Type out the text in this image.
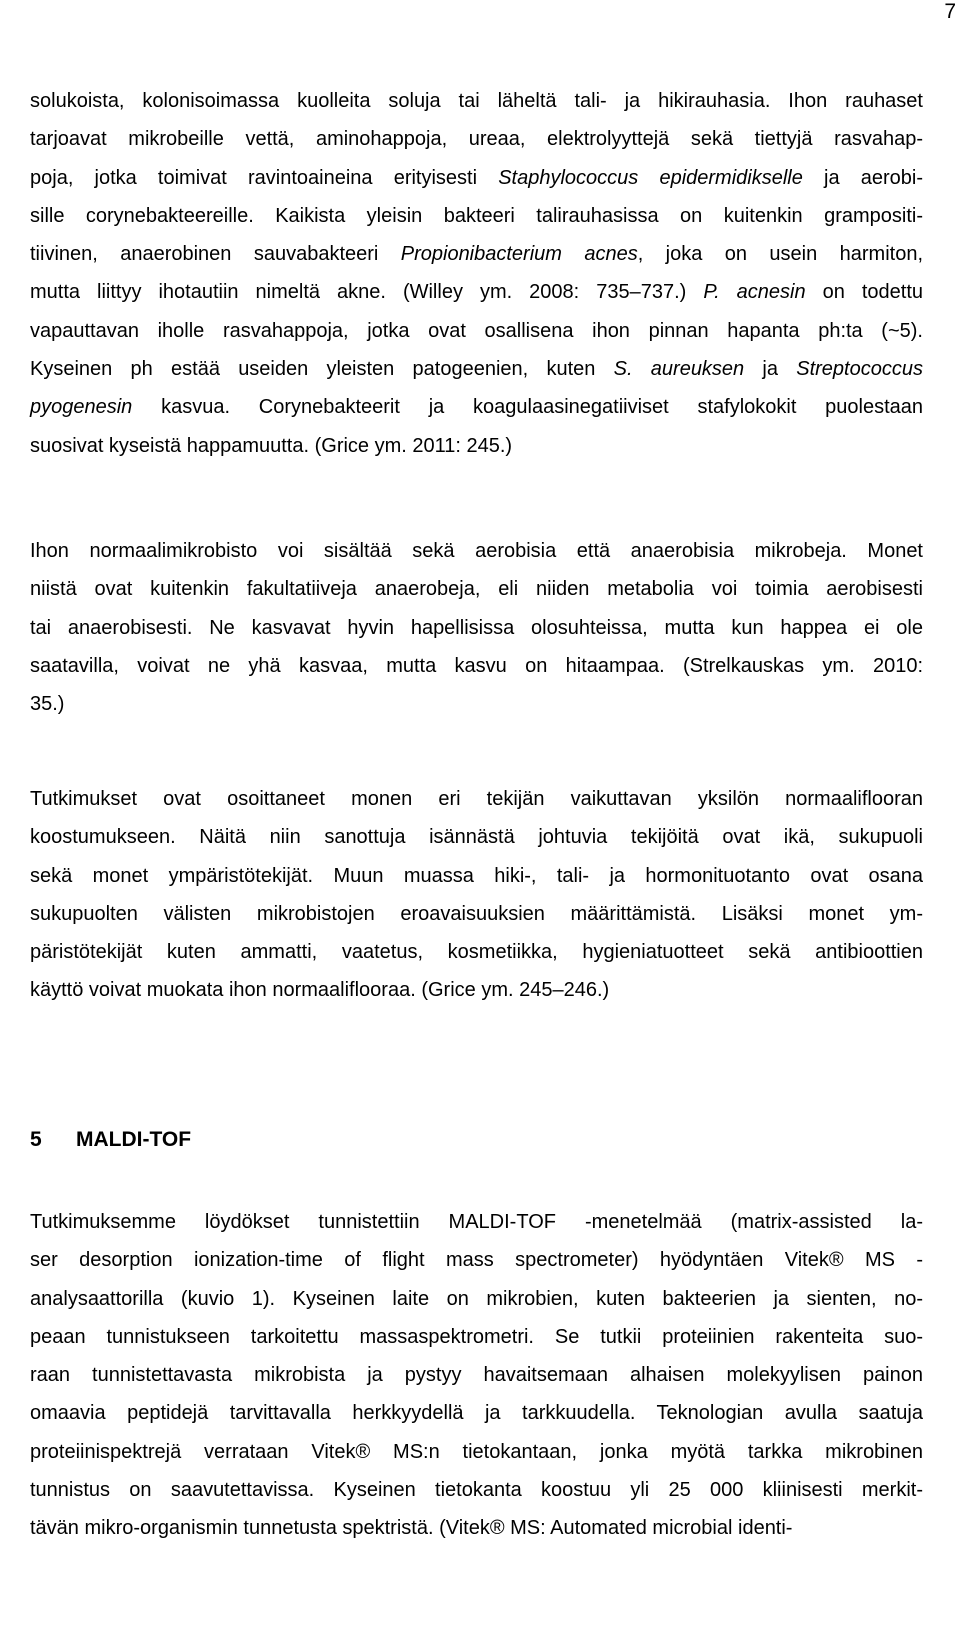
7
solukoista, kolonisoimassa kuolleita soluja tai läheltä tali- ja hikirauhasia. Ihon rauhaset
tarjoavat mikrobeille vettä, aminohappoja, ureaa, elektrolyyttejä sekä tiettyjä rasvahap-
poja, jotka toimivat ravintoaineina erityisesti Staphylococcus epidermidikselle ja aerobi-
sille corynebakteereille. Kaikista yleisin bakteeri talirauhasissa on kuitenkin grampositi-
tiivinen, anaerobinen sauvabakteeri Propionibacterium acnes, joka on usein harmiton,
mutta liittyy ihotautiin nimeltä akne. (Willey ym. 2008: 735–737.) P. acnesin on todettu
vapauttavan iholle rasvahappoja, jotka ovat osallisena ihon pinnan hapanta ph:ta (~5).
Kyseinen ph estää useiden yleisten patogeenien, kuten S. aureuksen ja Streptococcus
pyogenesin kasvua. Corynebakteerit ja koagulaasinegatiiviset stafylokokit puolestaan
suosivat kyseistä happamuutta. (Grice ym. 2011: 245.)
Ihon normaalimikrobisto voi sisältää sekä aerobisia että anaerobisia mikrobeja. Monet
niistä ovat kuitenkin fakultatiiveja anaerobeja, eli niiden metabolia voi toimia aerobisesti
tai anaerobisesti. Ne kasvavat hyvin hapellisissa olosuhteissa, mutta kun happea ei ole
saatavilla, voivat ne yhä kasvaa, mutta kasvu on hitaampaa. (Strelkauskas ym. 2010:
35.)
Tutkimukset ovat osoittaneet monen eri tekijän vaikuttavan yksilön normaaliflooran
koostumukseen. Näitä niin sanottuja isännästä johtuvia tekijöitä ovat ikä, sukupuoli
sekä monet ympäristötekijät. Muun muassa hiki-, tali- ja hormonituotanto ovat osana
sukupuolten välisten mikrobistojen eroavaisuuksien määrittämistä. Lisäksi monet ym-
päristötekijät kuten ammatti, vaatetus, kosmetiikka, hygieniatuotteet sekä antibioottien
käyttö voivat muokata ihon normaaliflooraa. (Grice ym. 245–246.)
5 MALDI-TOF
Tutkimuksemme löydökset tunnistettiin MALDI-TOF -menetelmää (matrix-assisted la-
ser desorption ionization-time of flight mass spectrometer) hyödyntäen Vitek® MS -
analysaattorilla (kuvio 1). Kyseinen laite on mikrobien, kuten bakteerien ja sienten, no-
peaan tunnistukseen tarkoitettu massaspektrometri. Se tutkii proteiinien rakenteita suo-
raan tunnistettavasta mikrobista ja pystyy havaitsemaan alhaisen molekyylisen painon
omaavia peptidejä tarvittavalla herkkyydellä ja tarkkuudella. Teknologian avulla saatuja
proteiinispektrejä verrataan Vitek® MS:n tietokantaan, jonka myötä tarkka mikrobinen
tunnistus on saavutettavissa. Kyseinen tietokanta koostuu yli 25 000 kliinisesti merkit-
tävän mikro-organismin tunnetusta spektristä. (Vitek® MS: Automated microbial identi-
